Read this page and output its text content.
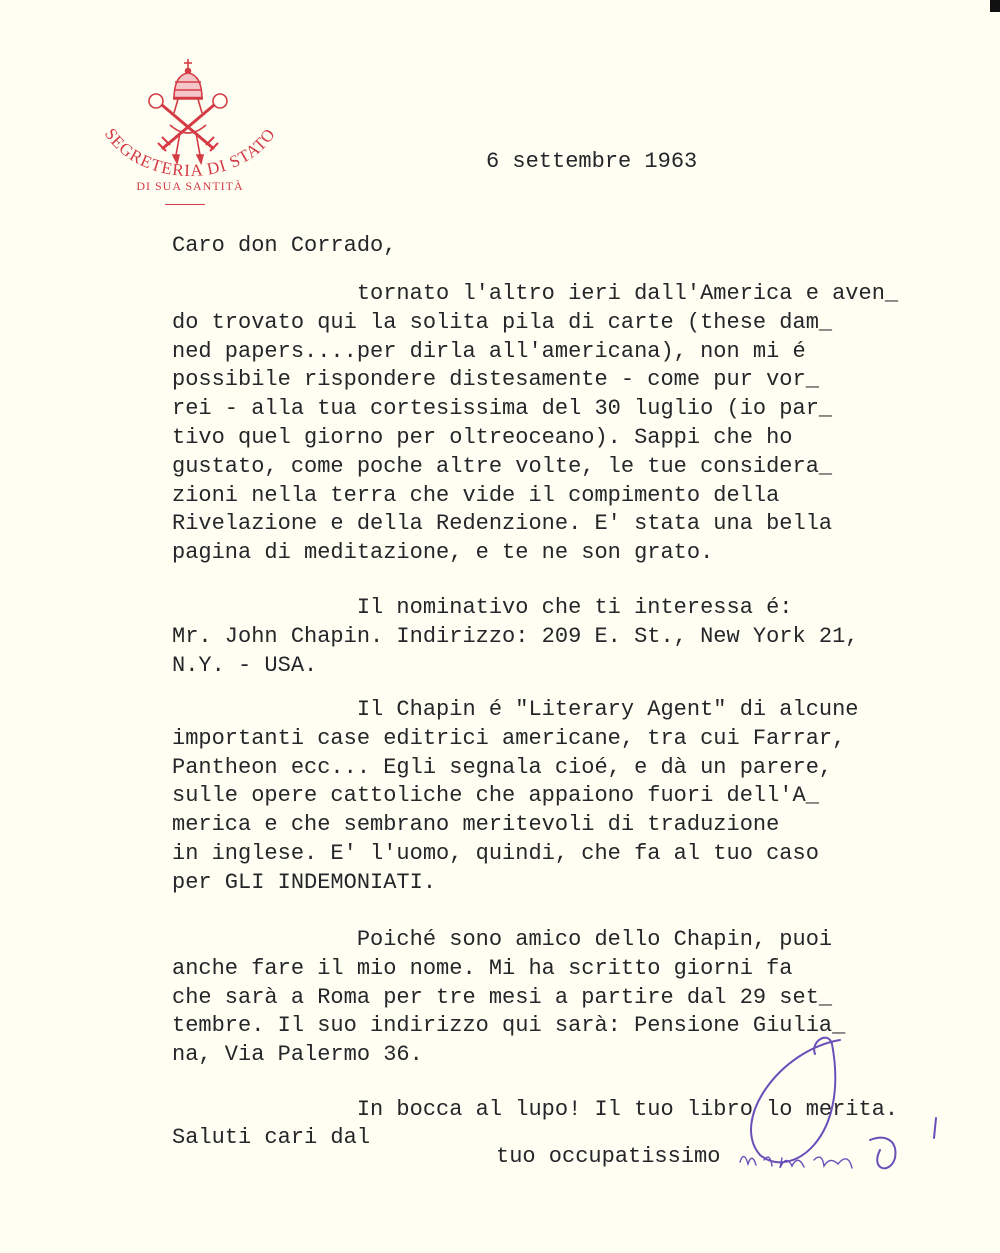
SEGRETERIA DI STATO
DI SUA SANTITÀ
6 settembre 1963
Caro don Corrado,
tornato l'altro ieri dall'America e aven_
do trovato qui la solita pila di carte (these dam_
ned papers....per dirla all'americana), non mi é
possibile rispondere distesamente - come pur vor_
rei - alla tua cortesissima del 30 luglio (io par_
tivo quel giorno per oltreoceano). Sappi che ho
gustato, come poche altre volte, le tue considera_
zioni nella terra che vide il compimento della
Rivelazione e della Redenzione. E' stata una bella
pagina di meditazione, e te ne son grato.
Il nominativo che ti interessa é:
Mr. John Chapin. Indirizzo: 209 E. St., New York 21,
N.Y. - USA.
Il Chapin é "Literary Agent" di alcune
importanti case editrici americane, tra cui Farrar,
Pantheon ecc... Egli segnala cioé, e dà un parere,
sulle opere cattoliche che appaiono fuori dell'A_
merica e che sembrano meritevoli di traduzione
in inglese. E' l'uomo, quindi, che fa al tuo caso
per GLI INDEMONIATI.
Poiché sono amico dello Chapin, puoi
anche fare il mio nome. Mi ha scritto giorni fa
che sarà a Roma per tre mesi a partire dal 29 set_
tembre. Il suo indirizzo qui sarà: Pensione Giulia_
na, Via Palermo 36.
In bocca al lupo! Il tuo libro lo merita.
Saluti cari dal
tuo occupatissimo
